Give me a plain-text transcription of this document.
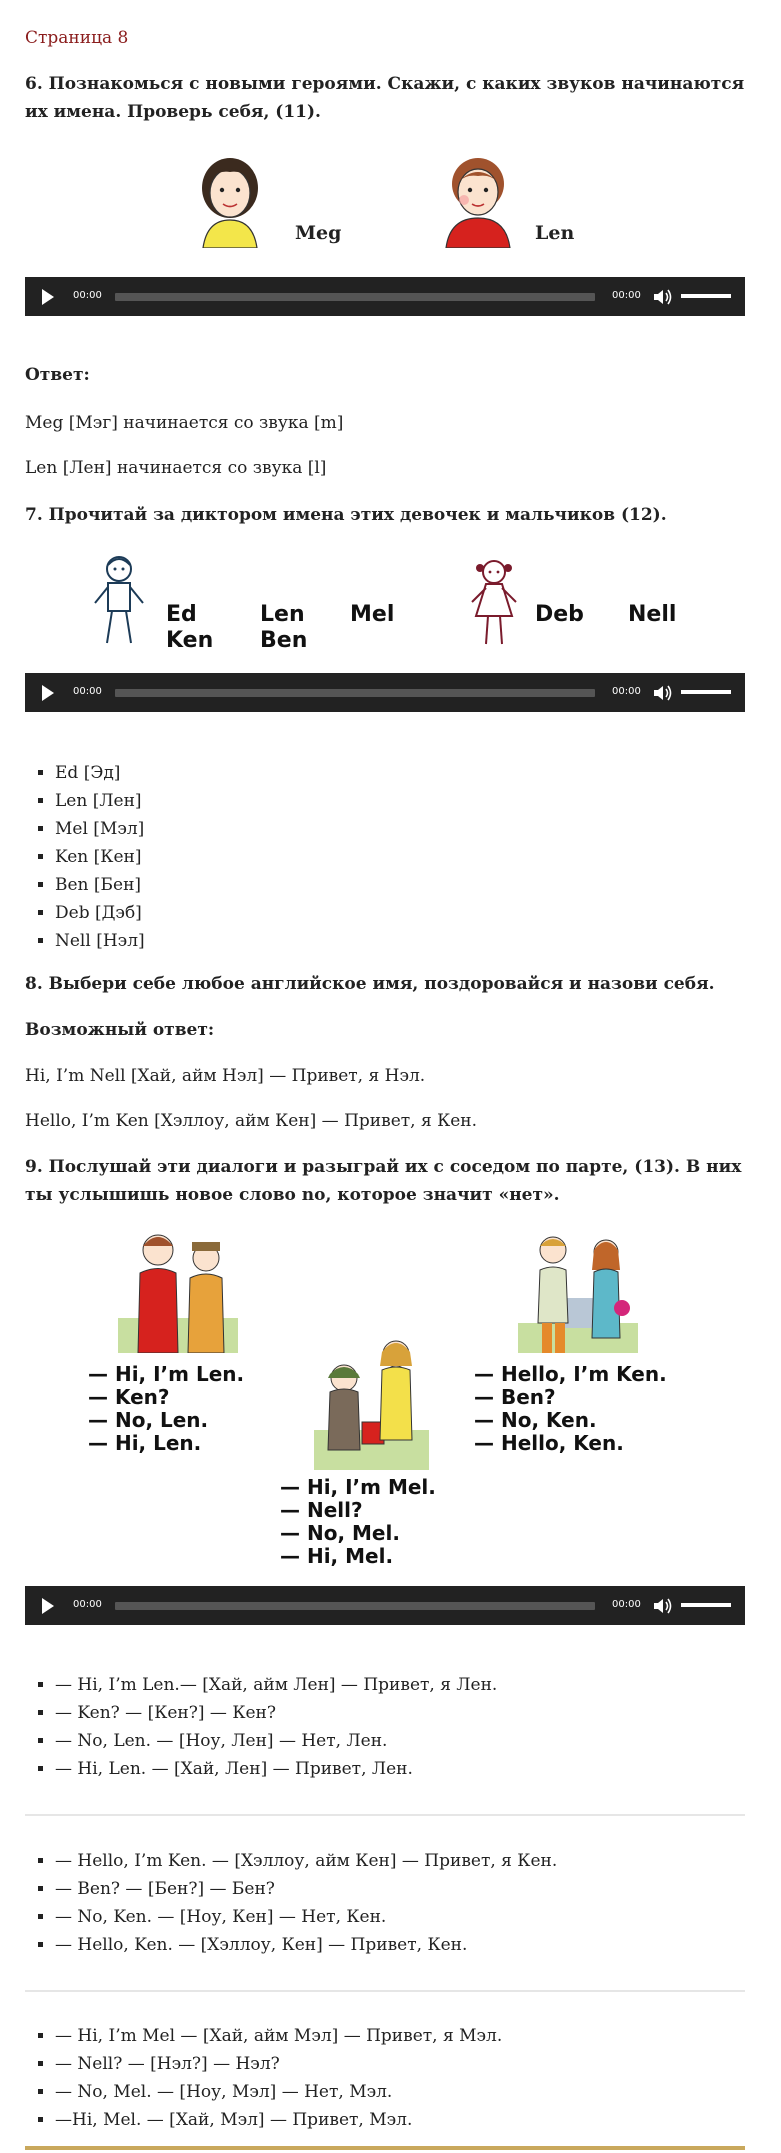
Страница 8
6. Познакомься с новыми героями. Скажи, с каких звуков начинаются их имена. Проверь себя, (11).
Meg	Len
00:00	00:00
Ответ:
Meg [Мэг] начинается со звука [m]
Len [Лен] начинается со звука [l]
7. Прочитай за диктором имена этих девочек и мальчиков (12).
Ed	Len Mel
Ken Ben
Deb Nell
00:00	00:00
▪ Ed [Эд]
▪ Len [Лен]
▪ Mel [Мэл]
▪ Ken [Кен]
▪ Ben [Бен]
▪ Deb [Дэб]
▪ Nell [Нэл]
8. Выбери себе любое английское имя, поздоровайся и назови себя.
Возможный ответ:
Hi, I’m Nell [Хай, айм Нэл] — Привет, я Нэл.
Hello, I’m Ken [Хэллоу, айм Кен] — Привет, я Кен.
9. Послушай эти диалоги и разыграй их с соседом по парте, (13). В них ты услышишь новое слово no, которое значит «нет».
— Hi, I’m Len.
— Ken?
— No, Len.
— Hi, Len.
— Hello, I’m Ken.
— Ben?
— No, Ken.
— Hello, Ken.
— Hi, I’m Mel.
— Nell?
— No, Mel.
— Hi, Mel.
00:00	00:00
▪ — Hi, I’m Len.— [Хай, айм Лен] — Привет, я Лен.
▪ — Ken? — [Кен?] — Кен?
▪ — No, Len. — [Ноу, Лен] — Нет, Лен.
▪ — Hi, Len. — [Хай, Лен] — Привет, Лен.
▪ — Hello, I’m Ken. — [Хэллоу, айм Кен] — Привет, я Кен.
▪ — Ben? — [Бен?] — Бен?
▪ — No, Ken. — [Ноу, Кен] — Нет, Кен.
▪ — Hello, Ken. — [Хэллоу, Кен] — Привет, Кен.
▪ — Hi, I’m Mel — [Хай, айм Мэл] — Привет, я Мэл.
▪ — Nell? — [Нэл?] — Нэл?
▪ — No, Mel. — [Ноу, Мэл] — Нет, Мэл.
▪ —Hi, Mel. — [Хай, Мэл] — Привет, Мэл.
